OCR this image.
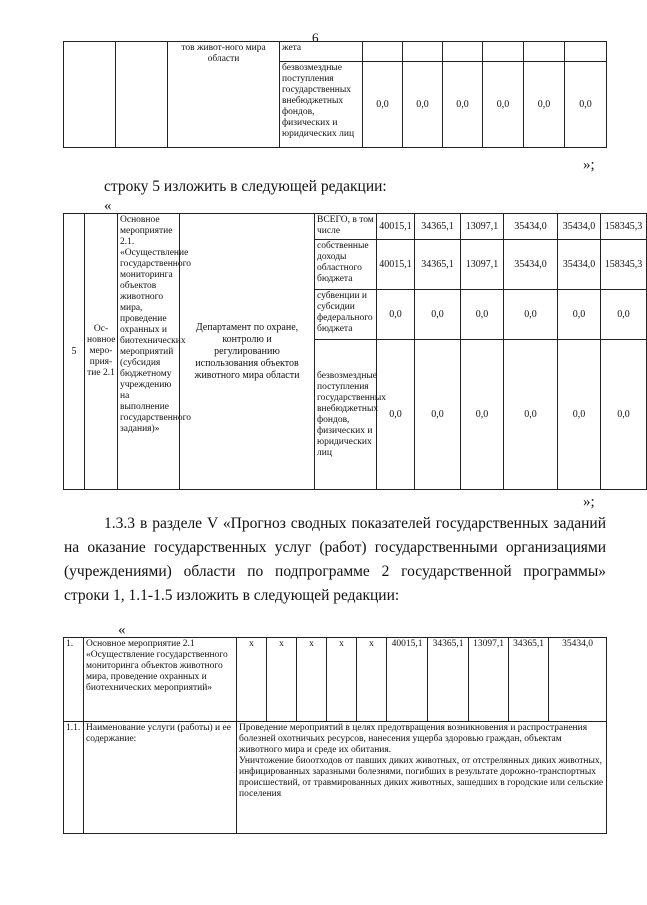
6
		тов живот-ного мира области	жета						
			безвозмездные поступления государственных внебюджетных фондов, физических и юридических лиц	0,0	0,0	0,0	0,0	0,0	0,0
»;
строку 5 изложить в следующей редакции:
«
5	Ос-новное меро-прия-тие 2.1	Основное мероприятие 2.1. «Осуществление государственного мониторинга объектов животного мира, проведение охранных и биотехнических мероприятий (субсидия бюджетному учреждению на выполнение государственного задания)»	Департамент по охране, контролю и регулированию использования объектов животного мира области	ВСЕГО, в том числе	40015,1	34365,1	13097,1	35434,0	35434,0	158345,3
				собственные доходы областного бюджета	40015,1	34365,1	13097,1	35434,0	35434,0	158345,3
				субвенции и субсидии федерального бюджета	0,0	0,0	0,0	0,0	0,0	0,0
				безвозмездные поступления государственных внебюджетных фондов, физических и юридических лиц	0,0	0,0	0,0	0,0	0,0	0,0
»;

1.3.3 в разделе V «Прогноз сводных показателей государственных заданий на оказание государственных услуг (работ) государственными организациями (учреждениями) области по подпрограмме 2 государственной программы» строки 1, 1.1-1.5 изложить в следующей редакции:

«
1.	Основное мероприятие 2.1 «Осуществление государственного мониторинга объектов животного мира, проведение охранных и биотехнических мероприятий»	x	x	x	x	x	40015,1	34365,1	13097,1	34365,1	35434,0
1.1.	Наименование услуги (работы) и ее содержание:	Проведение мероприятий в целях предотвращения возникновения и распространения болезней охотничьих ресурсов, нанесения ущерба здоровью граждан, объектам животного мира и среде их обитания.
Уничтожение биоотходов от павших диких животных, от отстрелянных диких животных, инфицированных заразными болезнями, погибших в результате дорожно-транспортных происшествий, от травмированных диких животных, зашедших в городские или сельские поселения									
